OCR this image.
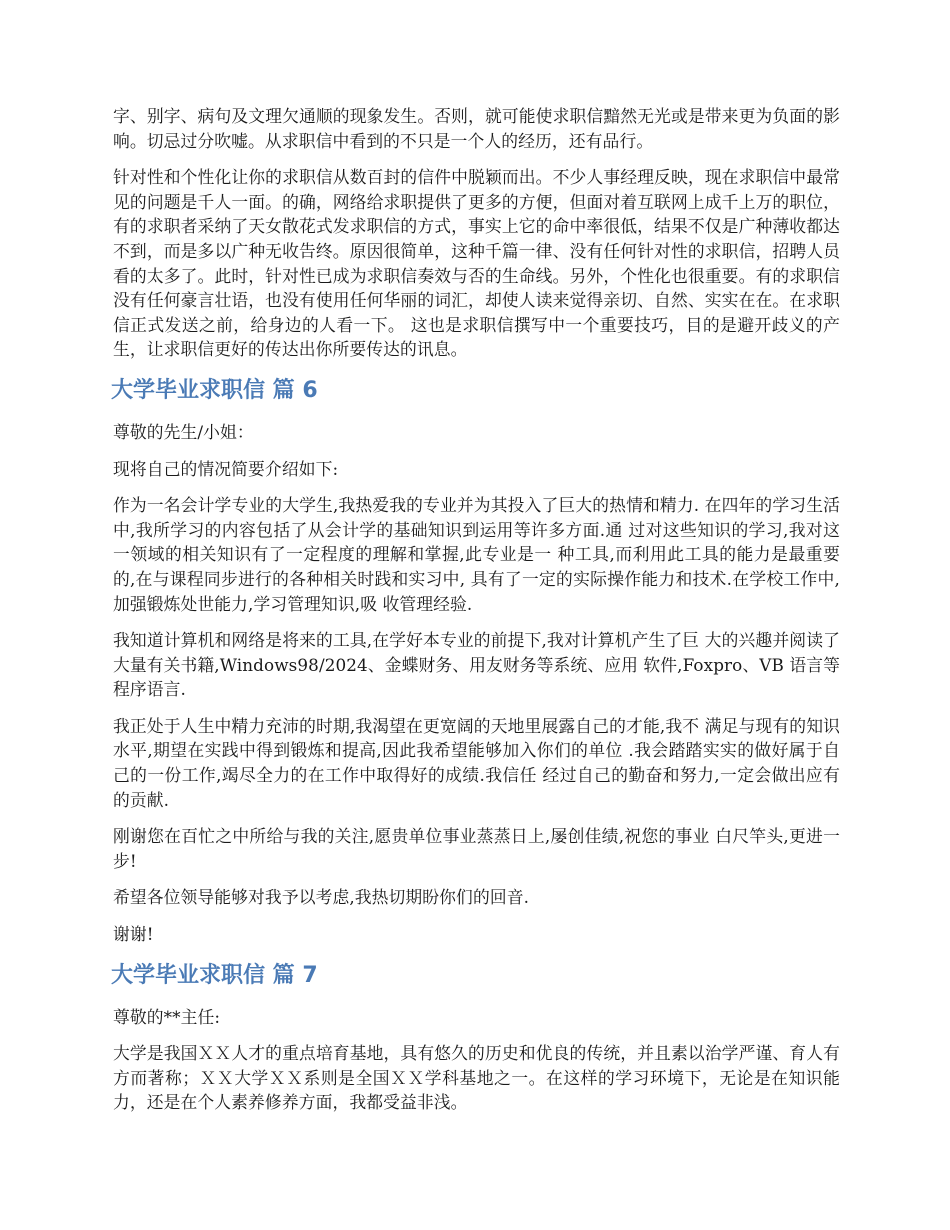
字、别字、病句及文理欠通顺的现象发生。否则，就可能使求职信黯然无光或是带来更为负面的影响。切忌过分吹嘘。从求职信中看到的不只是一个人的经历，还有品行。

针对性和个性化让你的求职信从数百封的信件中脱颖而出。不少人事经理反映，现在求职信中最常见的问题是千人一面。的确，网络给求职提供了更多的方便，但面对着互联网上成千上万的职位，有的求职者采纳了天女散花式发求职信的方式，事实上它的命中率很低，结果不仅是广种薄收都达不到，而是多以广种无收告终。原因很简单，这种千篇一律、没有任何针对性的求职信，招聘人员看的太多了。此时，针对性已成为求职信奏效与否的生命线。另外，个性化也很重要。有的求职信没有任何豪言壮语，也没有使用任何华丽的词汇，却使人读来觉得亲切、自然、实实在在。在求职信正式发送之前，给身边的人看一下。 这也是求职信撰写中一个重要技巧，目的是避开歧义的产生，让求职信更好的传达出你所要传达的讯息。

大学毕业求职信 篇 6

尊敬的先生/小姐：

现将自己的情况简要介绍如下:

作为一名会计学专业的大学生,我热爱我的专业并为其投入了巨大的热情和精力. 在四年的学习生活中,我所学习的内容包括了从会计学的基础知识到运用等许多方面.通 过对这些知识的学习,我对这一领域的相关知识有了一定程度的理解和掌握,此专业是一 种工具,而利用此工具的能力是最重要的,在与课程同步进行的各种相关时践和实习中, 具有了一定的实际操作能力和技术.在学校工作中,加强锻炼处世能力,学习管理知识,吸 收管理经验.

我知道计算机和网络是将来的工具,在学好本专业的前提下,我对计算机产生了巨 大的兴趣并阅读了大量有关书籍,Windows98/2024、金蝶财务、用友财务等系统、应用 软件,Foxpro、VB 语言等程序语言.

我正处于人生中精力充沛的时期,我渴望在更宽阔的天地里展露自己的才能,我不 满足与现有的知识水平,期望在实践中得到锻炼和提高,因此我希望能够加入你们的单位 .我会踏踏实实的做好属于自己的一份工作,竭尽全力的在工作中取得好的成绩.我信任 经过自己的勤奋和努力,一定会做出应有的贡献.

刚谢您在百忙之中所给与我的关注,愿贵单位事业蒸蒸日上,屡创佳绩,祝您的事业 白尺竿头,更进一步!

希望各位领导能够对我予以考虑,我热切期盼你们的回音.

谢谢!

大学毕业求职信 篇 7

尊敬的**主任:

大学是我国ＸＸ人才的重点培育基地，具有悠久的历史和优良的传统，并且素以治学严谨、育人有方而著称；ＸＸ大学ＸＸ系则是全国ＸＸ学科基地之一。在这样的学习环境下，无论是在知识能力，还是在个人素养修养方面，我都受益非浅。
